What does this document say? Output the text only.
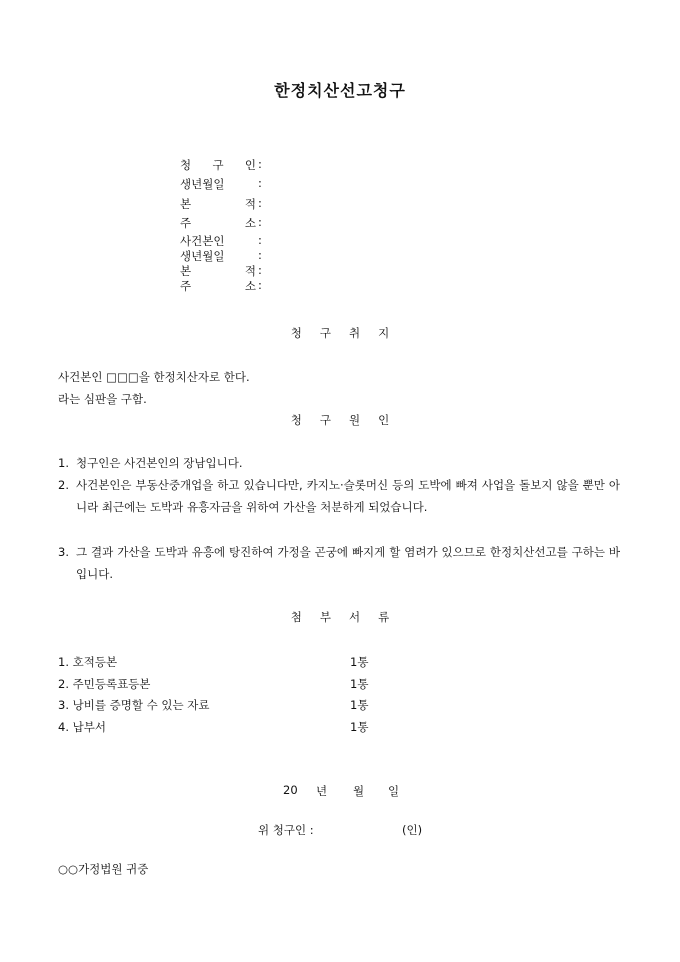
한정치산선고청구
청 구 인 :
생년월일	:
본 적 :
주 소 :
사건본인	:
생년월일	:
본 적 :
주 소 :
청구취지
사건본인 □□□을 한정치산자로 한다.
라는 심판을 구함.
청구원인
1. 청구인은 사건본인의 장남입니다.
2. 사건본인은 부동산중개업을 하고 있습니다만, 카지노·슬롯머신 등의 도박에 빠져 사업을 돌보지 않을 뿐만 아니라 최근에는 도박과 유흥자금을 위하여 가산을 처분하게 되었습니다.
3. 그 결과 가산을 도박과 유흥에 탕진하여 가정을 곤궁에 빠지게 할 염려가 있으므로 한정치산선고를 구하는 바입니다.
첨부서류
1. 호적등본	1통
2. 주민등록표등본	1통
3. 낭비를 증명할 수 있는 자료	1통
4. 납부서	1통
20 년 월 일
위 청구인 :	(인)
○○가정법원 귀중
